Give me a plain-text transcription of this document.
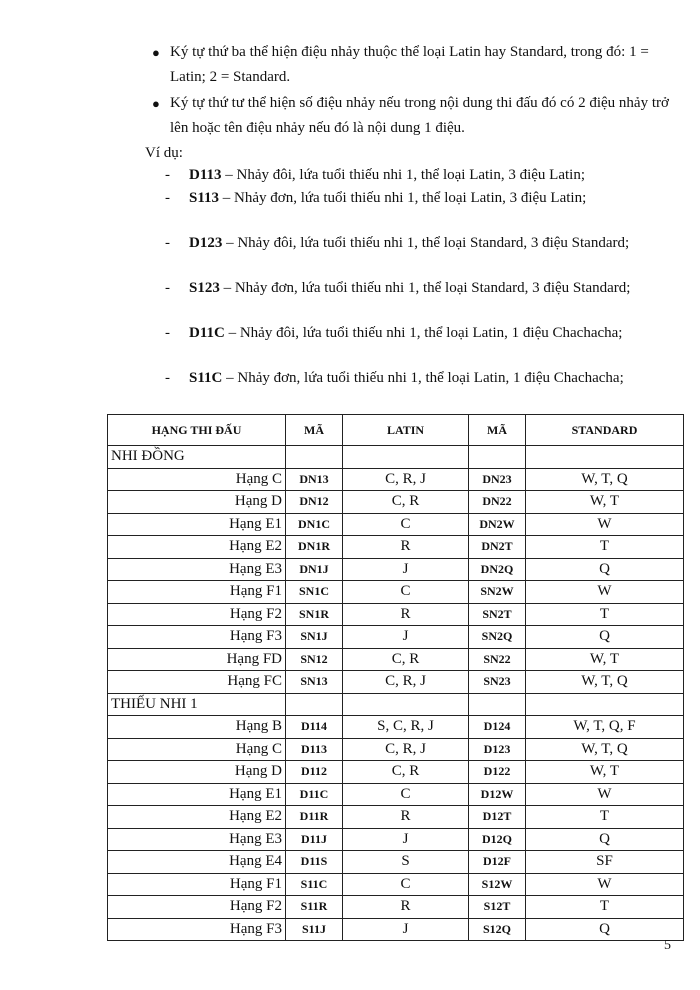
● Ký tự thứ ba thể hiện điệu nhảy thuộc thể loại Latin hay Standard, trong đó: 1 = Latin; 2 = Standard.
● Ký tự thứ tư thể hiện số điệu nhảy nếu trong nội dung thi đấu đó có 2 điệu nhảy trở lên hoặc tên điệu nhảy nếu đó là nội dung 1 điệu.
Ví dụ:
- D113 – Nhảy đôi, lứa tuổi thiếu nhi 1, thể loại Latin, 3 điệu Latin;
- S113 – Nhảy đơn, lứa tuổi thiếu nhi 1, thể loại Latin, 3 điệu Latin;
- D123 – Nhảy đôi, lứa tuổi thiếu nhi 1, thể loại Standard, 3 điệu Standard;
- S123 – Nhảy đơn, lứa tuổi thiếu nhi 1, thể loại Standard, 3 điệu Standard;
- D11C – Nhảy đôi, lứa tuổi thiếu nhi 1, thể loại Latin, 1 điệu Chachacha;
- S11C – Nhảy đơn, lứa tuổi thiếu nhi 1, thể loại Latin, 1 điệu Chachacha;
HẠNG THI ĐẤU	MÃ	LATIN	MÃ	STANDARD
NHI ĐỒNG				
Hạng C	DN13	C, R, J	DN23	W, T, Q
Hạng D	DN12	C, R	DN22	W, T
Hạng E1	DN1C	C	DN2W	W
Hạng E2	DN1R	R	DN2T	T
Hạng E3	DN1J	J	DN2Q	Q
Hạng F1	SN1C	C	SN2W	W
Hạng F2	SN1R	R	SN2T	T
Hạng F3	SN1J	J	SN2Q	Q
Hạng FD	SN12	C, R	SN22	W, T
Hạng FC	SN13	C, R, J	SN23	W, T, Q
THIẾU NHI 1				
Hạng B	D114	S, C, R, J	D124	W, T, Q, F
Hạng C	D113	C, R, J	D123	W, T, Q
Hạng D	D112	C, R	D122	W, T
Hạng E1	D11C	C	D12W	W
Hạng E2	D11R	R	D12T	T
Hạng E3	D11J	J	D12Q	Q
Hạng E4	D11S	S	D12F	SF
Hạng F1	S11C	C	S12W	W
Hạng F2	S11R	R	S12T	T
Hạng F3	S11J	J	S12Q	Q
5
